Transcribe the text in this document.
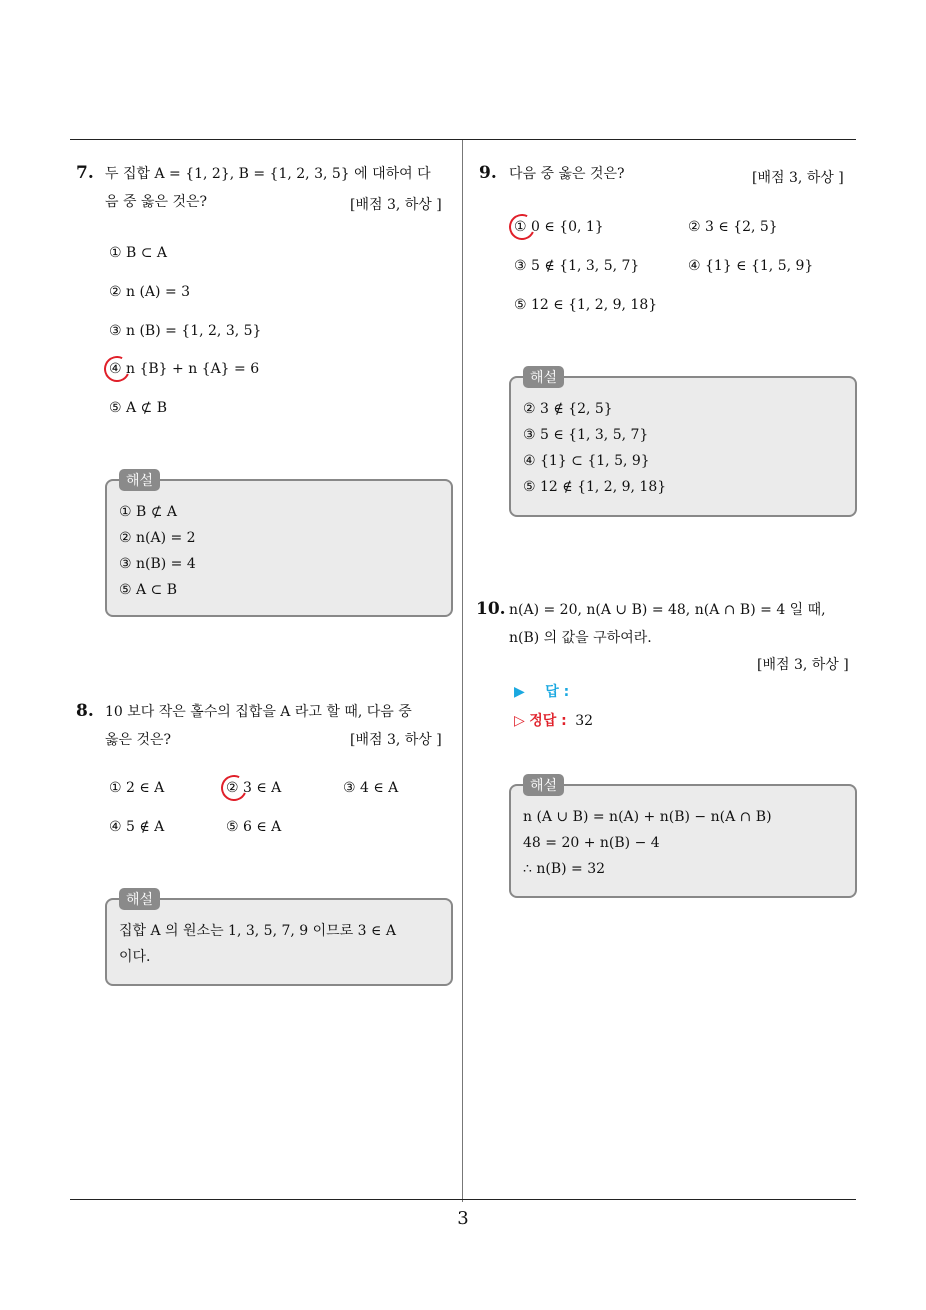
7. 두 집합 A = {1, 2}, B = {1, 2, 3, 5} 에 대하여 다
음 중 옳은 것은?	[배점 3, 하상 ]
① B ⊂ A
② n (A) = 3
③ n (B) = {1, 2, 3, 5}
④ n {B} + n {A} = 6
⑤ A ⊄ B
해설
① B ⊄ A
② n(A) = 2
③ n(B) = 4
⑤ A ⊂ B
8. 10 보다 작은 홀수의 집합을 A 라고 할 때, 다음 중
옳은 것은?	[배점 3, 하상 ]
① 2 ∈ A	② 3 ∈ A	③ 4 ∈ A
④ 5 ∉ A	⑤ 6 ∈ A
해설
집합 A 의 원소는 1, 3, 5, 7, 9 이므로 3 ∈ A
이다.
9. 다음 중 옳은 것은?	[배점 3, 하상 ]
① 0 ∈ {0, 1}	② 3 ∈ {2, 5}
③ 5 ∉ {1, 3, 5, 7}	④ {1} ∈ {1, 5, 9}
⑤ 12 ∈ {1, 2, 9, 18}
해설
② 3 ∉ {2, 5}
③ 5 ∈ {1, 3, 5, 7}
④ {1} ⊂ {1, 5, 9}
⑤ 12 ∉ {1, 2, 9, 18}
10. n(A) = 20, n(A ∪ B) = 48, n(A ∩ B) = 4 일 때,
n(B) 의 값을 구하여라.
[배점 3, 하상 ]
▶ 답 :
▷ 정답 : 32
해설
n (A ∪ B) = n(A) + n(B) − n(A ∩ B)
48 = 20 + n(B) − 4
∴ n(B) = 32
3
